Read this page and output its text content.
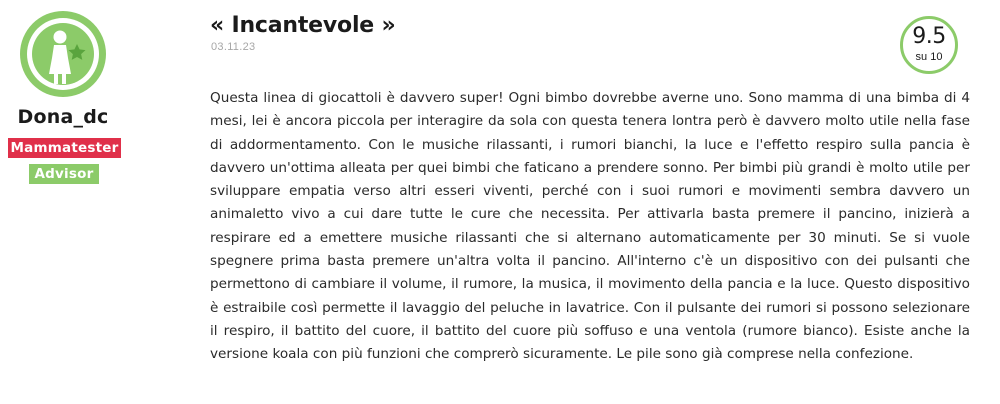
Dona_dc
Mammatester
Advisor
« Incantevole »
03.11.23	9.5
su 10

Questa linea di giocattoli è davvero super! Ogni bimbo dovrebbe averne uno. Sono mamma di una bimba di 4 mesi, lei è ancora piccola per interagire da sola con questa tenera lontra però è davvero molto utile nella fase di addormentamento. Con le musiche rilassanti, i rumori bianchi, la luce e l'effetto respiro sulla pancia è davvero un'ottima alleata per quei bimbi che faticano a prendere sonno. Per bimbi più grandi è molto utile per sviluppare empatia verso altri esseri viventi, perché con i suoi rumori e movimenti sembra davvero un animaletto vivo a cui dare tutte le cure che necessita. Per attivarla basta premere il pancino, inizierà a respirare ed a emettere musiche rilassanti che si alternano automaticamente per 30 minuti. Se si vuole spegnere prima basta premere un'altra volta il pancino. All'interno c'è un dispositivo con dei pulsanti che permettono di cambiare il volume, il rumore, la musica, il movimento della pancia e la luce. Questo dispositivo è estraibile così permette il lavaggio del peluche in lavatrice. Con il pulsante dei rumori si possono selezionare il respiro, il battito del cuore, il battito del cuore più soffuso e una ventola (rumore bianco). Esiste anche la versione koala con più funzioni che comprerò sicuramente. Le pile sono già comprese nella confezione.
